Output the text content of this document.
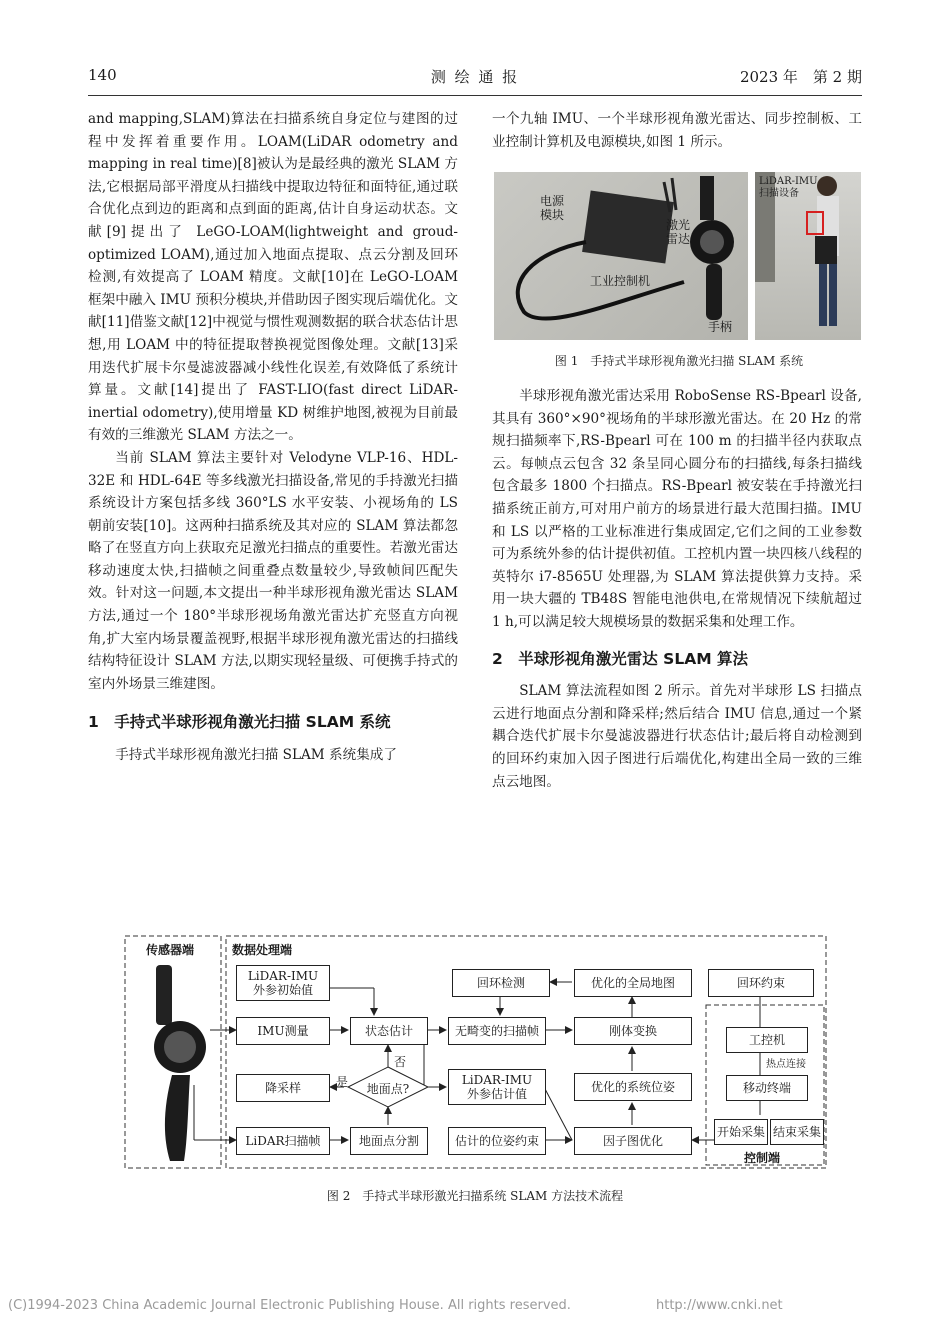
140	测 绘 通 报	2023 年　第 2 期

and mapping,SLAM)算法在扫描系统自身定位与建图的过程中发挥着重要作用。LOAM(LiDAR odometry and mapping in real time)[8]被认为是最经典的激光 SLAM 方法,它根据局部平滑度从扫描线中提取边特征和面特征,通过联合优化点到边的距离和点到面的距离,估计自身运动状态。文献[9]提出了 LeGO-LOAM(lightweight and groud-optimized LOAM),通过加入地面点提取、点云分割及回环检测,有效提高了 LOAM 精度。文献[10]在 LeGO-LOAM 框架中融入 IMU 预积分模块,并借助因子图实现后端优化。文献[11]借鉴文献[12]中视觉与惯性观测数据的联合状态估计思想,用 LOAM 中的特征提取替换视觉图像处理。文献[13]采用迭代扩展卡尔曼滤波器减小线性化误差,有效降低了系统计算量。文献[14]提出了 FAST-LIO(fast direct LiDAR-inertial odometry),使用增量 KD 树维护地图,被视为目前最有效的三维激光 SLAM 方法之一。

当前 SLAM 算法主要针对 Velodyne VLP-16、HDL-32E 和 HDL-64E 等多线激光扫描设备,常见的手持激光扫描系统设计方案包括多线 360°LS 水平安装、小视场角的 LS 朝前安装[10]。这两种扫描系统及其对应的 SLAM 算法都忽略了在竖直方向上获取充足激光扫描点的重要性。若激光雷达移动速度太快,扫描帧之间重叠点数量较少,导致帧间匹配失效。针对这一问题,本文提出一种半球形视角激光雷达 SLAM 方法,通过一个 180°半球形视场角激光雷达扩充竖直方向视角,扩大室内场景覆盖视野,根据半球形视角激光雷达的扫描线结构特征设计 SLAM 方法,以期实现轻量级、可便携手持式的室内外场景三维建图。

1　手持式半球形视角激光扫描 SLAM 系统

手持式半球形视角激光扫描 SLAM 系统集成了

一个九轴 IMU、一个半球形视角激光雷达、同步控制板、工业控制计算机及电源模块,如图 1 所示。

电源
模块
激光
雷达
工业控制机
手柄
LiDAR-IMU
扫描设备
图 1　手持式半球形视角激光扫描 SLAM 系统

半球形视角激光雷达采用 RoboSense RS-Bpearl 设备,其具有 360°×90°视场角的半球形激光雷达。在 20 Hz 的常规扫描频率下,RS-Bpearl 可在 100 m 的扫描半径内获取点云。每帧点云包含 32 条呈同心圆分布的扫描线,每条扫描线包含最多 1800 个扫描点。RS-Bpearl 被安装在手持激光扫描系统正前方,可对用户前方的场景进行最大范围扫描。IMU 和 LS 以严格的工业标准进行集成固定,它们之间的工业参数可为系统外参的估计提供初值。工控机内置一块四核八线程的英特尔 i7-8565U 处理器,为 SLAM 算法提供算力支持。采用一块大疆的 TB48S 智能电池供电,在常规情况下续航超过 1 h,可以满足较大规模场景的数据采集和处理工作。

2　半球形视角激光雷达 SLAM 算法

SLAM 算法流程如图 2 所示。首先对半球形 LS 扫描点云进行地面点分割和降采样;然后结合 IMU 信息,通过一个紧耦合迭代扩展卡尔曼滤波器进行状态估计;最后将自动检测到的回环约束加入因子图进行后端优化,构建出全局一致的三维点云地图。

传感器端	数据处理端
控制端
LiDAR-IMU
外参初始值
IMU测量	状态估计
降采样	地面点?
是
否
LiDAR扫描帧	地面点分割
回环检测	优化的全局地图
无畸变的扫描帧	刚体变换
LiDAR-IMU
外参估计值	优化的系统位姿
估计的位姿约束	因子图优化
回环约束
工控机
热点连接
移动终端
开始采集 结束采集
图 2　手持式半球形激光扫描系统 SLAM 方法技术流程
(C)1994-2023 China Academic Journal Electronic Publishing House. All rights reserved.	http://www.cnki.net
